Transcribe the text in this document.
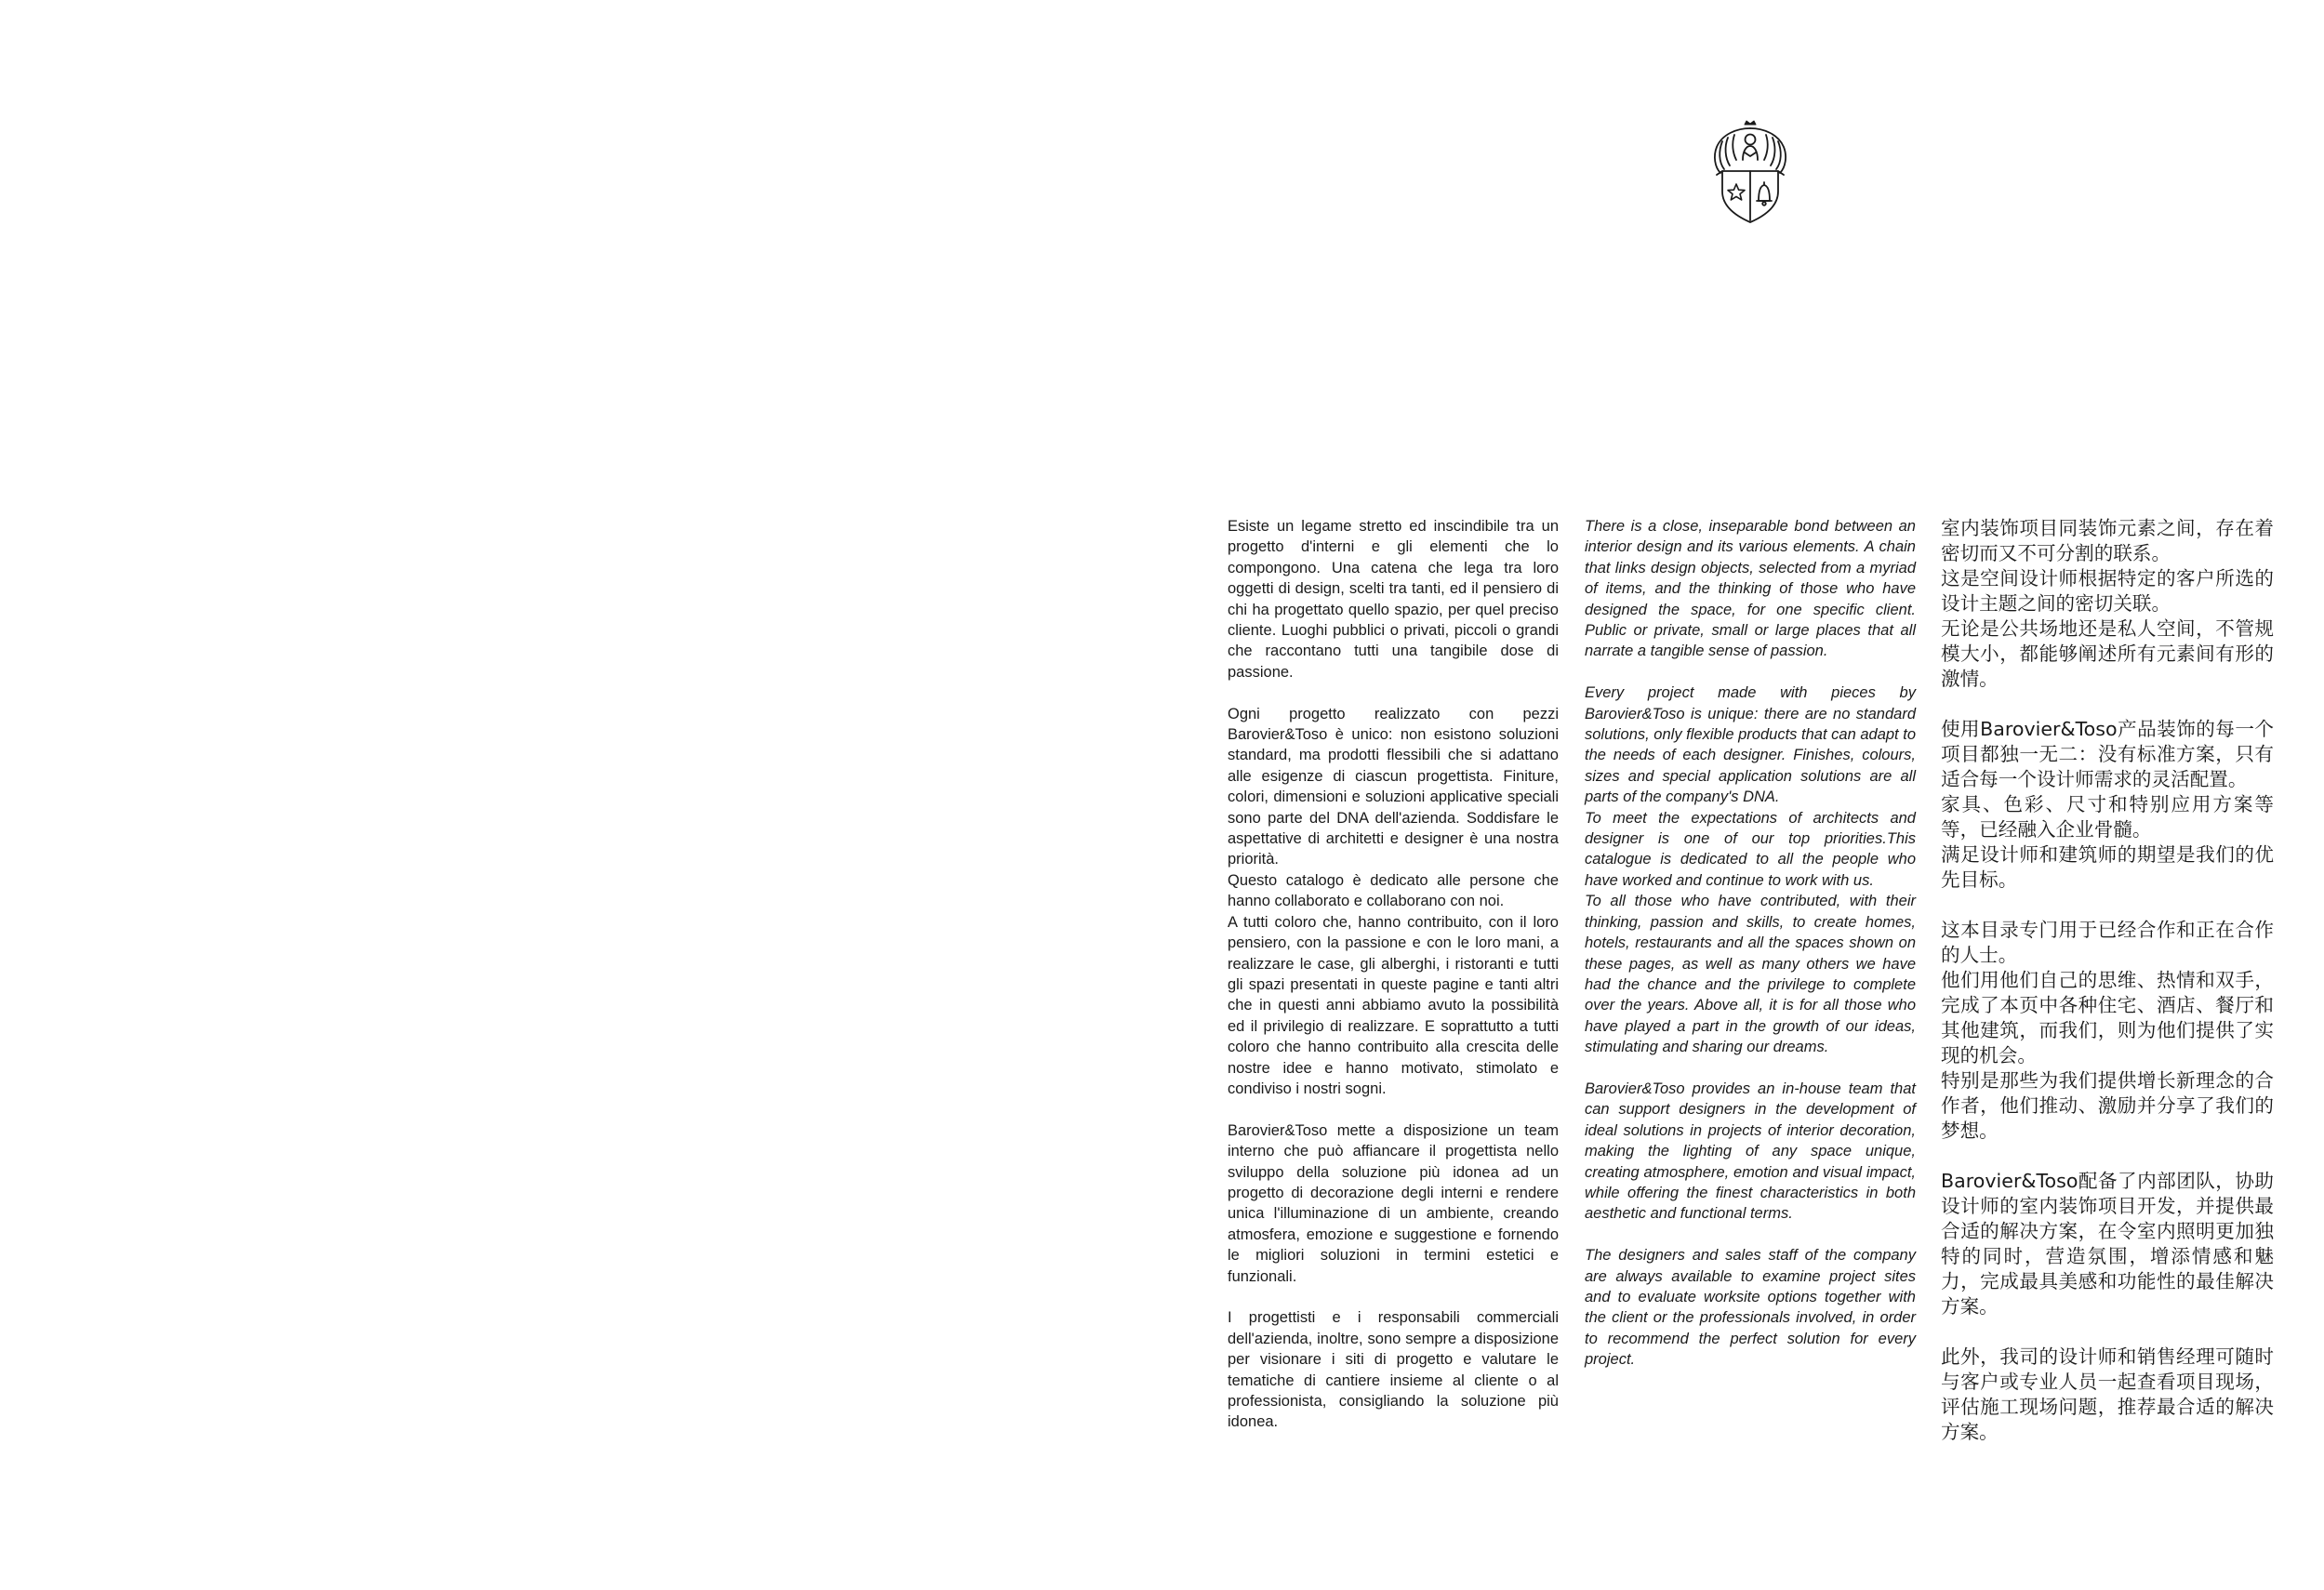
Esiste un legame stretto ed inscindibile tra un progetto d'interni e gli elementi che lo compongono. Una catena che lega tra loro oggetti di design, scelti tra tanti, ed il pensiero di chi ha progettato quello spazio, per quel preciso cliente. Luoghi pubblici o privati, piccoli o grandi che raccontano tutti una tangibile dose di passione.

Ogni progetto realizzato con pezzi Barovier&Toso è unico: non esistono soluzioni standard, ma prodotti flessibili che si adattano alle esigenze di ciascun progettista. Finiture, colori, dimensioni e soluzioni applicative speciali sono parte del DNA dell'azienda. Soddisfare le aspettative di architetti e designer è una nostra priorità.
Questo catalogo è dedicato alle persone che hanno collaborato e collaborano con noi.
A tutti coloro che, hanno contribuito, con il loro pensiero, con la passione e con le loro mani, a realizzare le case, gli alberghi, i ristoranti e tutti gli spazi presentati in queste pagine e tanti altri che in questi anni abbiamo avuto la possibilità ed il privilegio di realizzare. E soprattutto a tutti coloro che hanno contribuito alla crescita delle nostre idee e hanno motivato, stimolato e condiviso i nostri sogni.

Barovier&Toso mette a disposizione un team interno che può affiancare il progettista nello sviluppo della soluzione più idonea ad un progetto di decorazione degli interni e rendere unica l'illuminazione di un ambiente, creando atmosfera, emozione e suggestione e fornendo le migliori soluzioni in termini estetici e funzionali.

I progettisti e i responsabili commerciali dell'azienda, inoltre, sono sempre a disposizione per visionare i siti di progetto e valutare le tematiche di cantiere insieme al cliente o al professionista, consigliando la soluzione più idonea.

There is a close, inseparable bond between an interior design and its various elements. A chain that links design objects, selected from a myriad of items, and the thinking of those who have designed the space, for one specific client. Public or private, small or large places that all narrate a tangible sense of passion.

Every project made with pieces by Barovier&Toso is unique: there are no standard solutions, only flexible products that can adapt to the needs of each designer. Finishes, colours, sizes and special application solutions are all parts of the company's DNA.
To meet the expectations of architects and designer is one of our top priorities.This catalogue is dedicated to all the people who have worked and continue to work with us.
To all those who have contributed, with their thinking, passion and skills, to create homes, hotels, restaurants and all the spaces shown on these pages, as well as many others we have had the chance and the privilege to complete over the years. Above all, it is for all those who have played a part in the growth of our ideas, stimulating and sharing our dreams.

Barovier&Toso provides an in-house team that can support designers in the development of ideal solutions in projects of interior decoration, making the lighting of any space unique, creating atmosphere, emotion and visual impact, while offering the finest characteristics in both aesthetic and functional terms.

The designers and sales staff of the company are always available to examine project sites and to evaluate worksite options together with the client or the professionals involved, in order to recommend the perfect solution for every project.

室内装饰项目同装饰元素之间，存在着密切而又不可分割的联系。
这是空间设计师根据特定的客户所选的设计主题之间的密切关联。
无论是公共场地还是私人空间，不管规模大小，都能够阐述所有元素间有形的激情。

使用Barovier&Toso产品装饰的每一个项目都独一无二：没有标准方案，只有适合每一个设计师需求的灵活配置。
家具、色彩、尺寸和特别应用方案等等，已经融入企业骨髓。
满足设计师和建筑师的期望是我们的优先目标。

这本目录专门用于已经合作和正在合作的人士。
他们用他们自己的思维、热情和双手，完成了本页中各种住宅、酒店、餐厅和其他建筑，而我们，则为他们提供了实现的机会。
特别是那些为我们提供增长新理念的合作者，他们推动、激励并分享了我们的梦想。

Barovier&Toso配备了内部团队，协助设计师的室内装饰项目开发，并提供最合适的解决方案，在令室内照明更加独特的同时，营造氛围，增添情感和魅力，完成最具美感和功能性的最佳解决方案。

此外，我司的设计师和销售经理可随时与客户或专业人员一起查看项目现场，评估施工现场问题，推荐最合适的解决方案。
